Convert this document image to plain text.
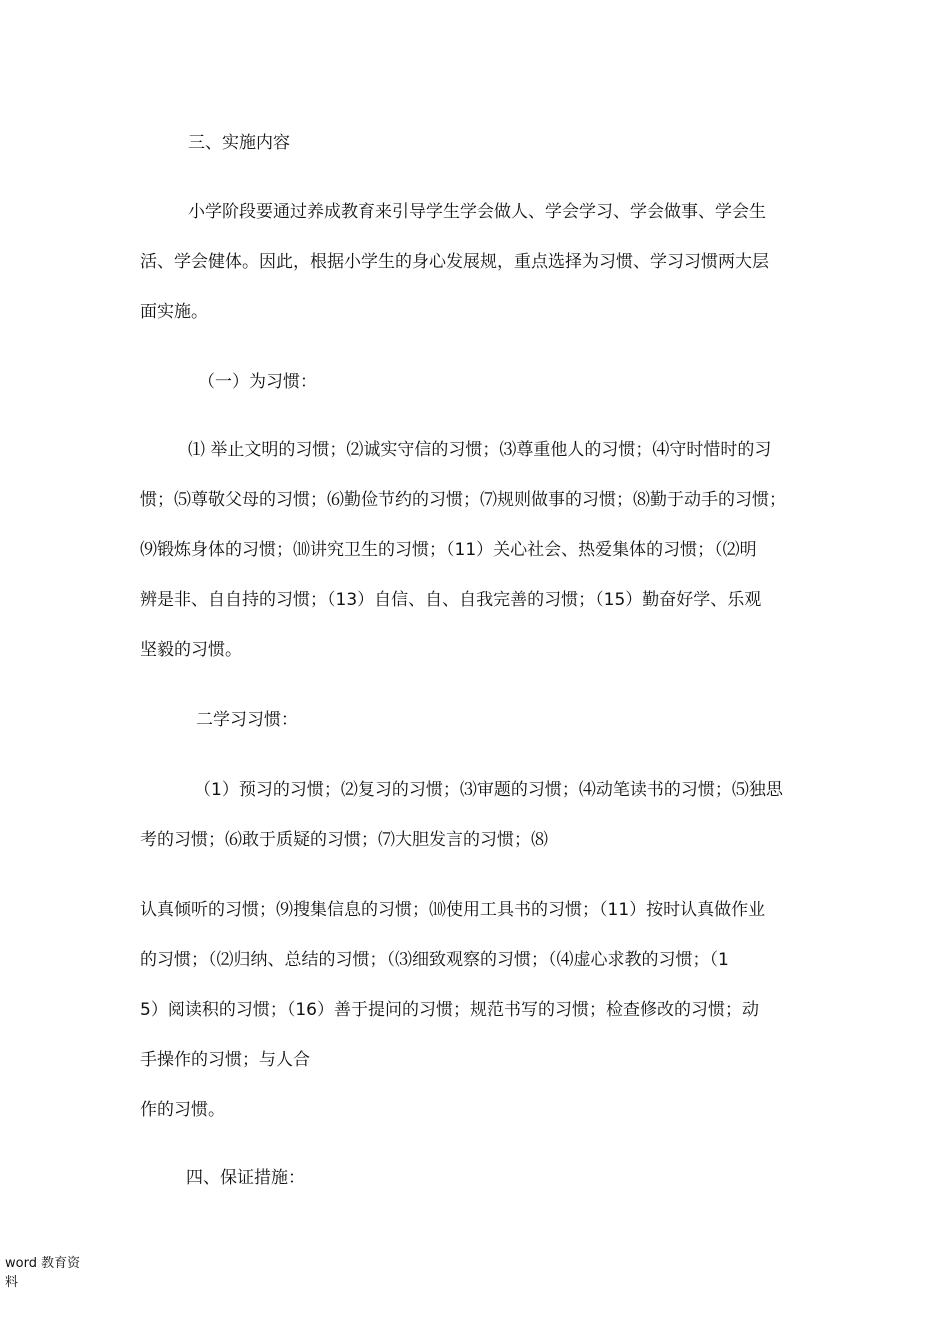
三、实施内容
小学阶段要通过养成教育来引导学生学会做人、学会学习、学会做事、学会生
活、学会健体。因此，根据小学生的身心发展规，重点选择为习惯、学习习惯两大层
面实施。
（一）为习惯：
⑴ 举止文明的习惯；⑵诚实守信的习惯；⑶尊重他人的习惯；⑷守时惜时的习
惯；⑸尊敬父母的习惯；⑹勤俭节约的习惯；⑺规则做事的习惯；⑻勤于动手的习惯；
⑼锻炼身体的习惯；⑽讲究卫生的习惯；（11）关心社会、热爱集体的习惯；（⑵明
辨是非、自自持的习惯；（13）自信、自、自我完善的习惯；（15）勤奋好学、乐观
坚毅的习惯。
二学习习惯：
（1）预习的习惯；⑵复习的习惯；⑶审题的习惯；⑷动笔读书的习惯；⑸独思
考的习惯；⑹敢于质疑的习惯；⑺大胆发言的习惯；⑻
认真倾听的习惯；⑼搜集信息的习惯；⑽使用工具书的习惯；（11）按时认真做作业
的习惯；（⑵归纳、总结的习惯；（⑶细致观察的习惯；（⑷虚心求教的习惯；（1
5）阅读积的习惯；（16）善于提问的习惯；规范书写的习惯；检查修改的习惯；动
手操作的习惯；与人合
作的习惯。
四、保证措施：
word 教育资
料
